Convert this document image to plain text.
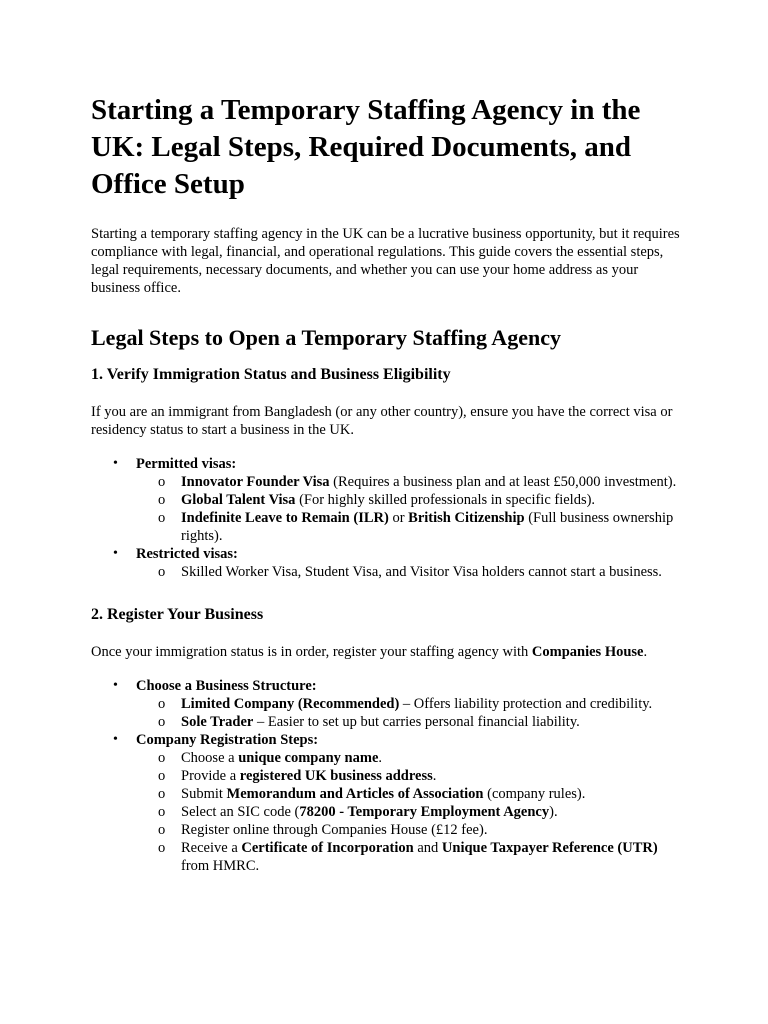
Starting a Temporary Staffing Agency in the UK: Legal Steps, Required Documents, and Office Setup

Starting a temporary staffing agency in the UK can be a lucrative business opportunity, but it requires compliance with legal, financial, and operational regulations. This guide covers the essential steps, legal requirements, necessary documents, and whether you can use your home address as your business office.

Legal Steps to Open a Temporary Staffing Agency
1. Verify Immigration Status and Business Eligibility

If you are an immigrant from Bangladesh (or any other country), ensure you have the correct visa or residency status to start a business in the UK.

• Permitted visas:
o Innovator Founder Visa (Requires a business plan and at least £50,000 investment).
o Global Talent Visa (For highly skilled professionals in specific fields).
o Indefinite Leave to Remain (ILR) or British Citizenship (Full business ownership rights).
• Restricted visas:
o Skilled Worker Visa, Student Visa, and Visitor Visa holders cannot start a business.
2. Register Your Business

Once your immigration status is in order, register your staffing agency with Companies House.

• Choose a Business Structure:
o Limited Company (Recommended) – Offers liability protection and credibility.
o Sole Trader – Easier to set up but carries personal financial liability.
• Company Registration Steps:
o Choose a unique company name.
o Provide a registered UK business address.
o Submit Memorandum and Articles of Association (company rules).
o Select an SIC code (78200 - Temporary Employment Agency).
o Register online through Companies House (£12 fee).
o Receive a Certificate of Incorporation and Unique Taxpayer Reference (UTR) from HMRC.
